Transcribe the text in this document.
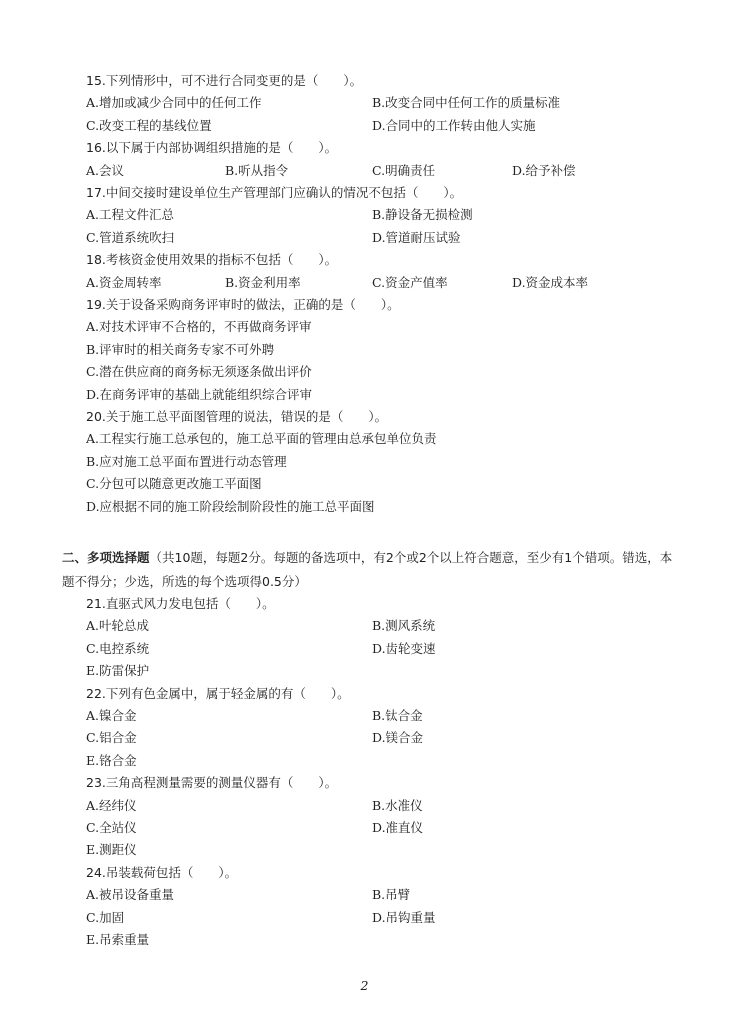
15.下列情形中，可不进行合同变更的是（　　）。
A.增加或减少合同中的任何工作	B.改变合同中任何工作的质量标准
C.改变工程的基线位置	D.合同中的工作转由他人实施
16.以下属于内部协调组织措施的是（　　）。
A.会议	B.听从指令	C.明确责任	D.给予补偿
17.中间交接时建设单位生产管理部门应确认的情况不包括（　　）。
A.工程文件汇总	B.静设备无损检测
C.管道系统吹扫	D.管道耐压试验
18.考核资金使用效果的指标不包括（　　）。
A.资金周转率	B.资金利用率	C.资金产值率	D.资金成本率
19.关于设备采购商务评审时的做法，正确的是（　　）。
A.对技术评审不合格的，不再做商务评审
B.评审时的相关商务专家不可外聘
C.潜在供应商的商务标无须逐条做出评价
D.在商务评审的基础上就能组织综合评审
20.关于施工总平面图管理的说法，错误的是（　　）。
A.工程实行施工总承包的，施工总平面的管理由总承包单位负责
B.应对施工总平面布置进行动态管理
C.分包可以随意更改施工平面图
D.应根据不同的施工阶段绘制阶段性的施工总平面图
21.直驱式风力发电包括（　　）。
A.叶轮总成	B.测风系统
C.电控系统	D.齿轮变速
E.防雷保护
22.下列有色金属中，属于轻金属的有（　　）。
A.镍合金	B.钛合金
C.铝合金	D.镁合金
E.铬合金
23.三角高程测量需要的测量仪器有（　　）。
A.经纬仪	B.水准仪
C.全站仪	D.准直仪
E.测距仪
24.吊装载荷包括（　　）。
A.被吊设备重量	B.吊臂
C.加固	D.吊钩重量
E.吊索重量
二、多项选择题（共10题，每题2分。每题的备选项中，有2个或2个以上符合题意，至少有1个错项。错选，本题不得分；少选，所选的每个选项得0.5分）
2
